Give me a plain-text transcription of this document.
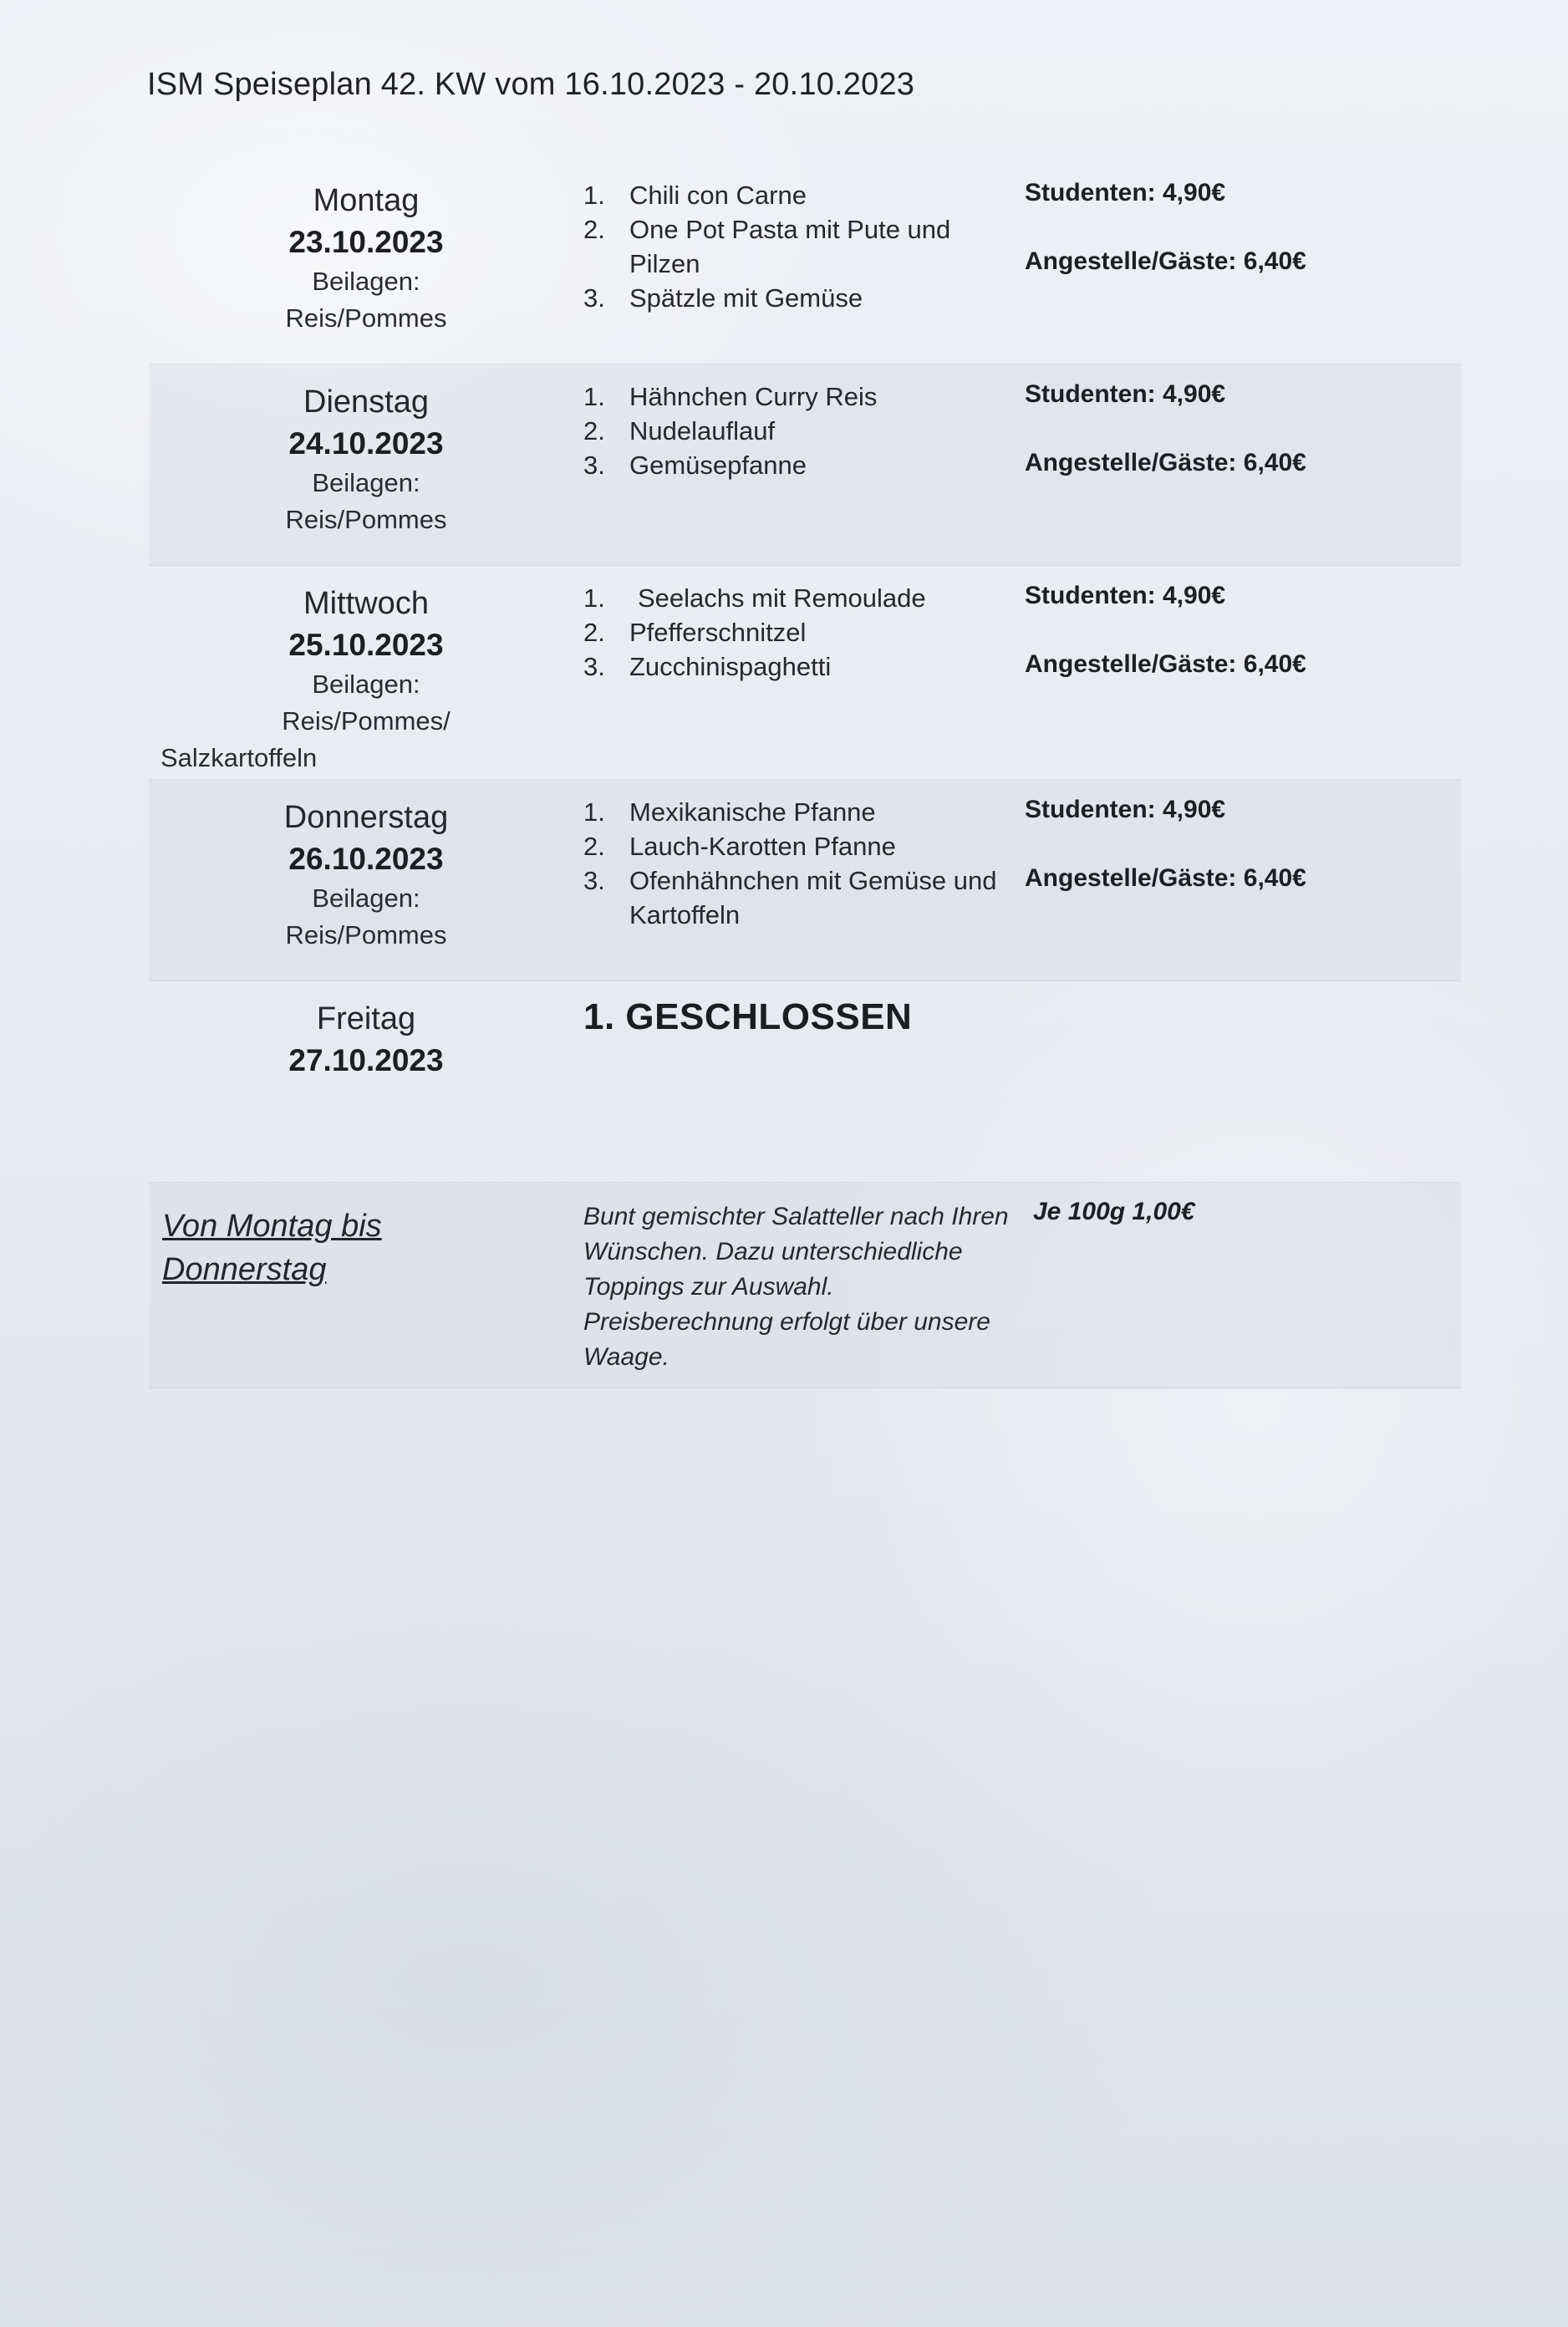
ISM Speiseplan 42. KW vom 16.10.2023 - 20.10.2023
Montag
23.10.2023
Beilagen:
Reis/Pommes
1. Chili con Carne
2. One Pot Pasta mit Pute und Pilzen
3. Spätzle mit Gemüse
Studenten: 4,90€
Angestelle/Gäste: 6,40€
Dienstag
24.10.2023
Beilagen:
Reis/Pommes
1. Hähnchen Curry Reis
2. Nudelauflauf
3. Gemüsepfanne
Studenten: 4,90€
Angestelle/Gäste: 6,40€
Mittwoch
25.10.2023
Beilagen:
Reis/Pommes/
Salzkartoffeln
1.	Seelachs mit Remoulade
2. Pfefferschnitzel
3. Zucchinispaghetti
Studenten: 4,90€
Angestelle/Gäste: 6,40€
Donnerstag
26.10.2023
Beilagen:
Reis/Pommes
1. Mexikanische Pfanne
2. Lauch-Karotten Pfanne
3. Ofenhähnchen mit Gemüse und Kartoffeln
Studenten: 4,90€
Angestelle/Gäste: 6,40€
Freitag
27.10.2023
1. GESCHLOSSEN
Von Montag bis
Donnerstag
Bunt gemischter Salatteller nach Ihren Wünschen. Dazu unterschiedliche Toppings zur Auswahl. Preisberechnung erfolgt über unsere Waage.
Je 100g 1,00€
